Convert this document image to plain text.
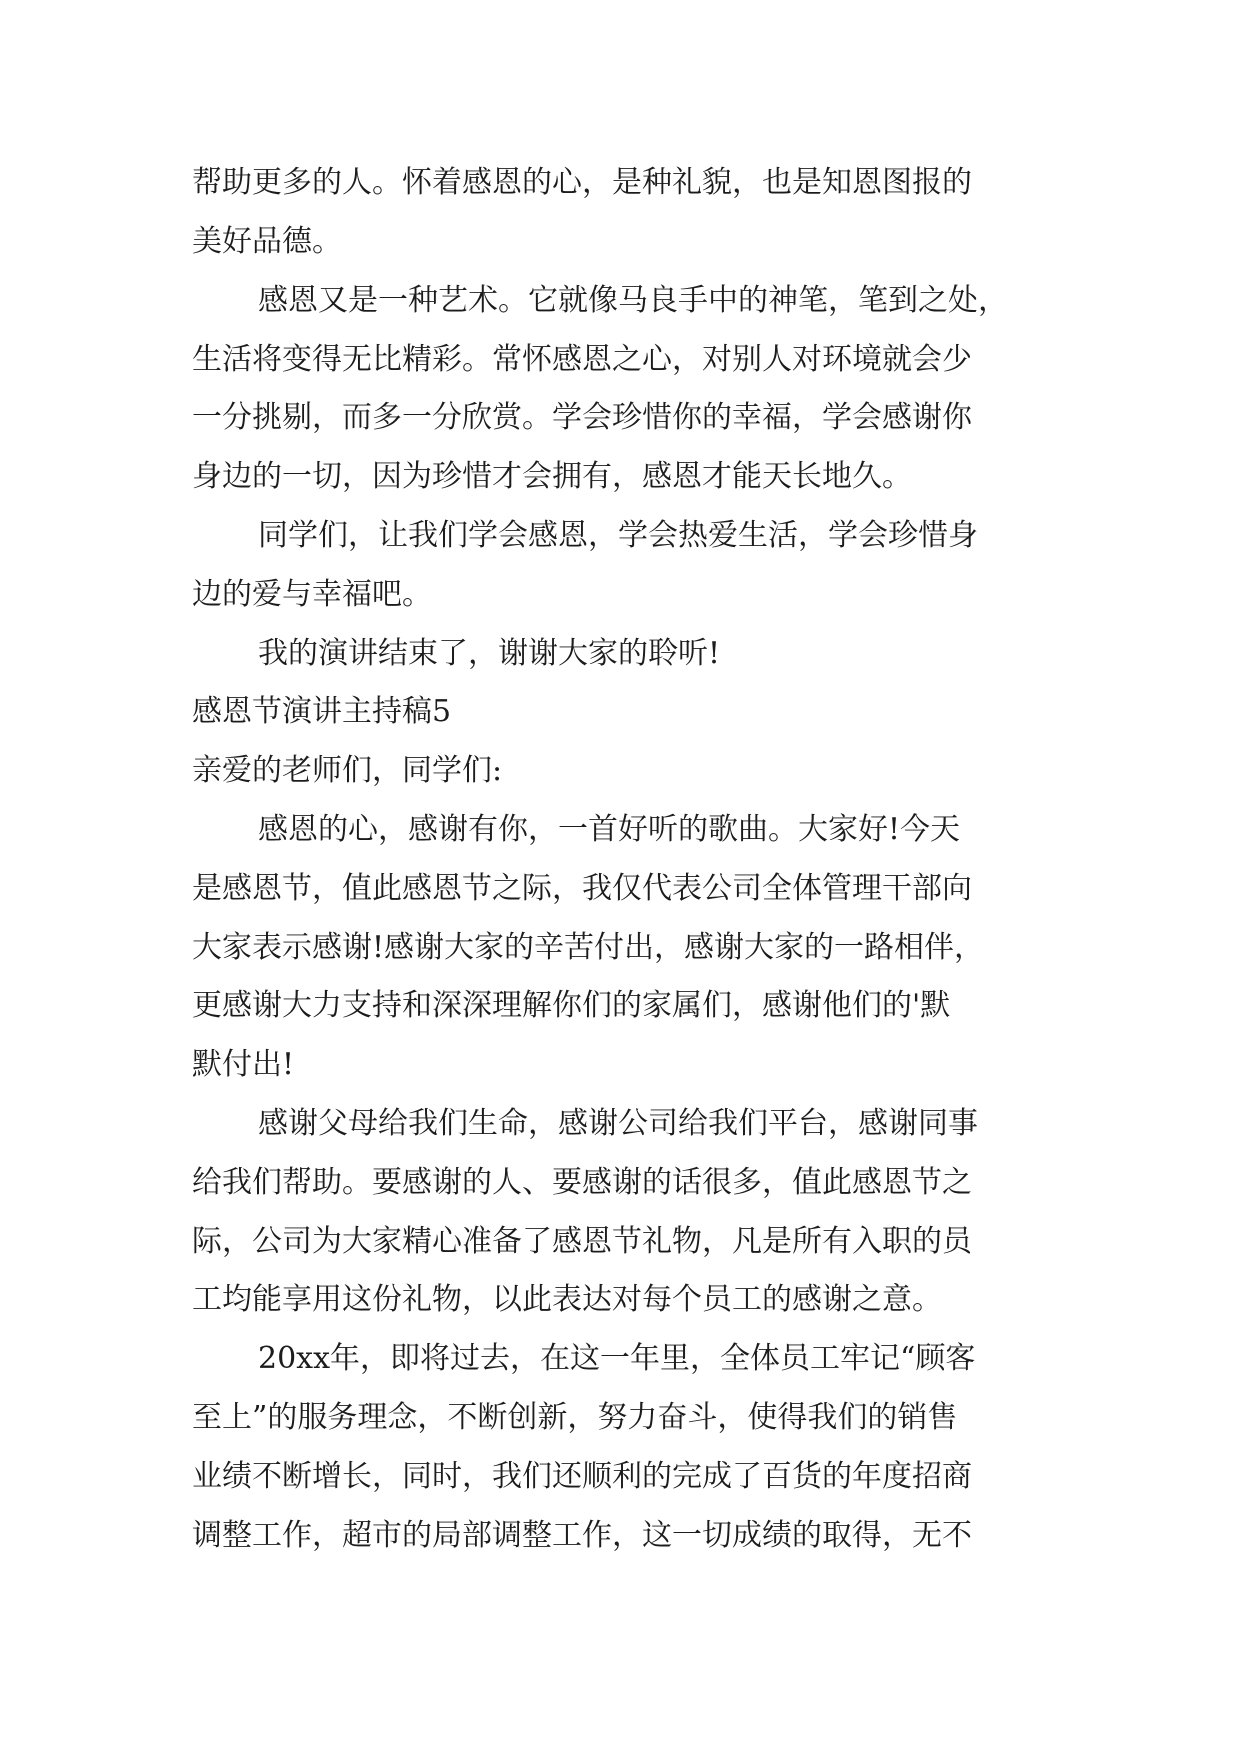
帮助更多的人。怀着感恩的心，是种礼貌，也是知恩图报的
美好品德。
感恩又是一种艺术。它就像马良手中的神笔，笔到之处，
生活将变得无比精彩。常怀感恩之心，对别人对环境就会少
一分挑剔，而多一分欣赏。学会珍惜你的幸福，学会感谢你
身边的一切，因为珍惜才会拥有，感恩才能天长地久。
同学们，让我们学会感恩，学会热爱生活，学会珍惜身
边的爱与幸福吧。
我的演讲结束了，谢谢大家的聆听!
感恩节演讲主持稿5
亲爱的老师们，同学们:
感恩的心，感谢有你，一首好听的歌曲。大家好!今天
是感恩节，值此感恩节之际，我仅代表公司全体管理干部向
大家表示感谢!感谢大家的辛苦付出，感谢大家的一路相伴，
更感谢大力支持和深深理解你们的家属们，感谢他们的'默
默付出!
感谢父母给我们生命，感谢公司给我们平台，感谢同事
给我们帮助。要感谢的人、要感谢的话很多，值此感恩节之
际，公司为大家精心准备了感恩节礼物，凡是所有入职的员
工均能享用这份礼物，以此表达对每个员工的感谢之意。
20xx年，即将过去，在这一年里，全体员工牢记“顾客
至上”的服务理念，不断创新，努力奋斗，使得我们的销售
业绩不断增长，同时，我们还顺利的完成了百货的年度招商
调整工作，超市的局部调整工作，这一切成绩的取得，无不
